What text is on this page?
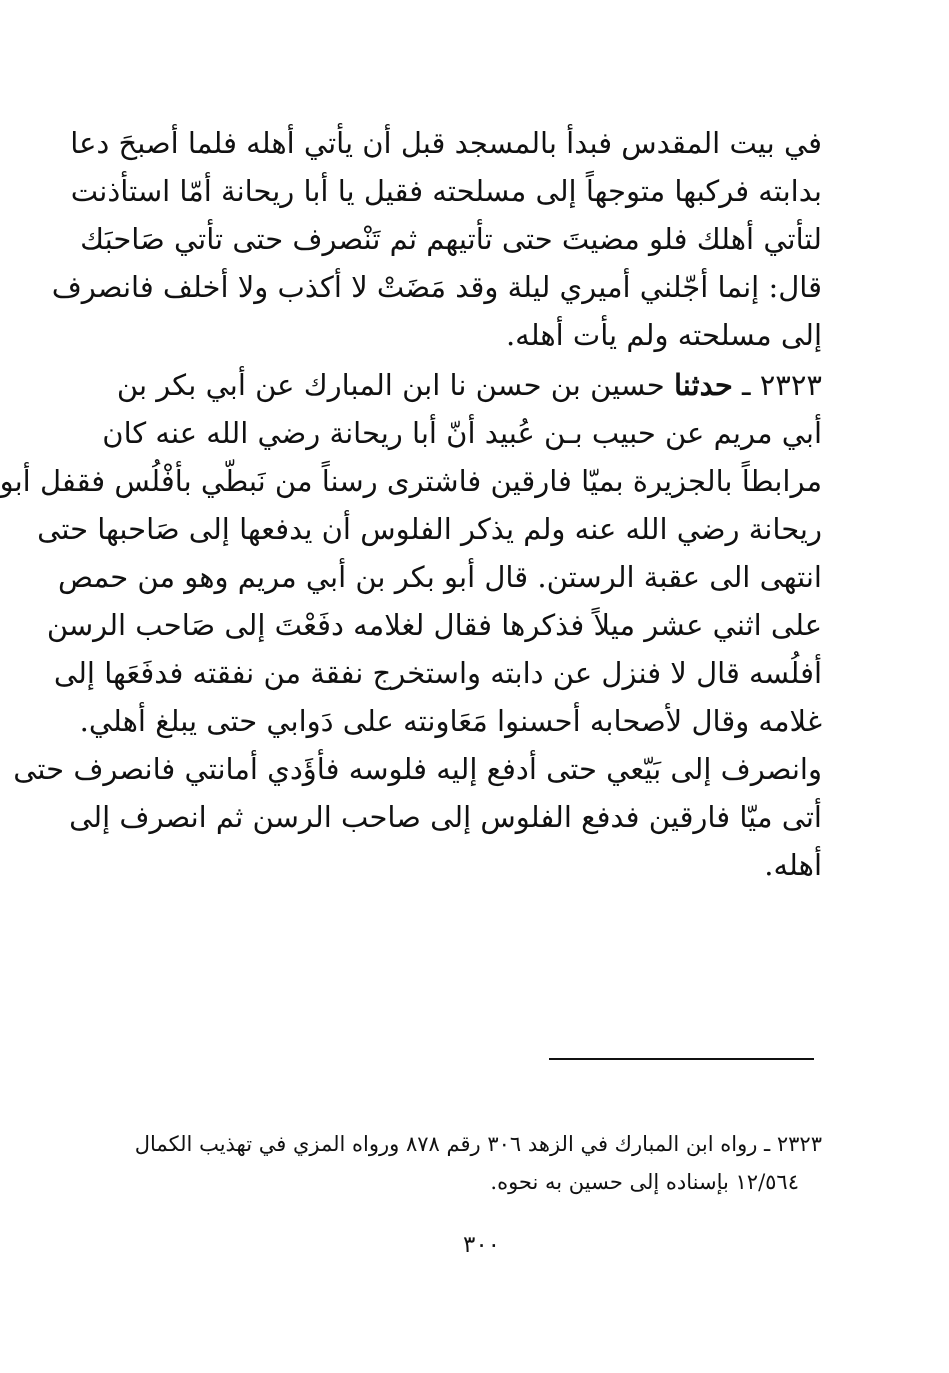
في بيت المقدس فبدأ بالمسجد قبل أن يأتي أهله فلما أصبحَ دعا
بدابته فركبها متوجهاً إلى مسلحته فقيل يا أبا ريحانة أمّا استأذنت
لتأتي أهلك فلو مضيتَ حتى تأتيهم ثم تَنْصرف حتى تأتي صَاحبَك
قال: إنما أجّلني أميري ليلة وقد مَضَتْ لا أكذب ولا أخلف فانصرف
إلى مسلحته ولم يأت أهله.
٢٣٢٣ ـ حدثنا حسين بن حسن نا ابن المبارك عن أبي بكر بن
أبي مريم عن حبيب بـن عُبيد أنّ أبا ريحانة رضي الله عنه كان
مرابطاً بالجزيرة بميّا فارقين فاشترى رسناً من نَبطّي بأفْلُس فقفل أبو
ريحانة رضي الله عنه ولم يذكر الفلوس أن يدفعها إلى صَاحبها حتى
انتهى الى عقبة الرستن. قال أبو بكر بن أبي مريم وهو من حمص
على اثني عشر ميلاً فذكرها فقال لغلامه دفَعْتَ إلى صَاحب الرسن
أفلُسه قال لا فنزل عن دابته واستخرج نفقة من نفقته فدفَعَها إلى
غلامه وقال لأصحابه أحسنوا مَعَاونته على دَوابي حتى يبلغ أهلي.
وانصرف إلى بَيّعي حتى أدفع إليه فلوسه فأؤَدي أمانتي فانصرف حتى
أتى ميّا فارقين فدفع الفلوس إلى صاحب الرسن ثم انصرف إلى
أهله.
٢٣٢٣ ـ رواه ابن المبارك في الزهد ٣٠٦ رقم ٨٧٨ ورواه المزي في تهذيب الكمال
١٢/٥٦٤ بإسناده إلى حسين به نحوه.
٣٠٠
